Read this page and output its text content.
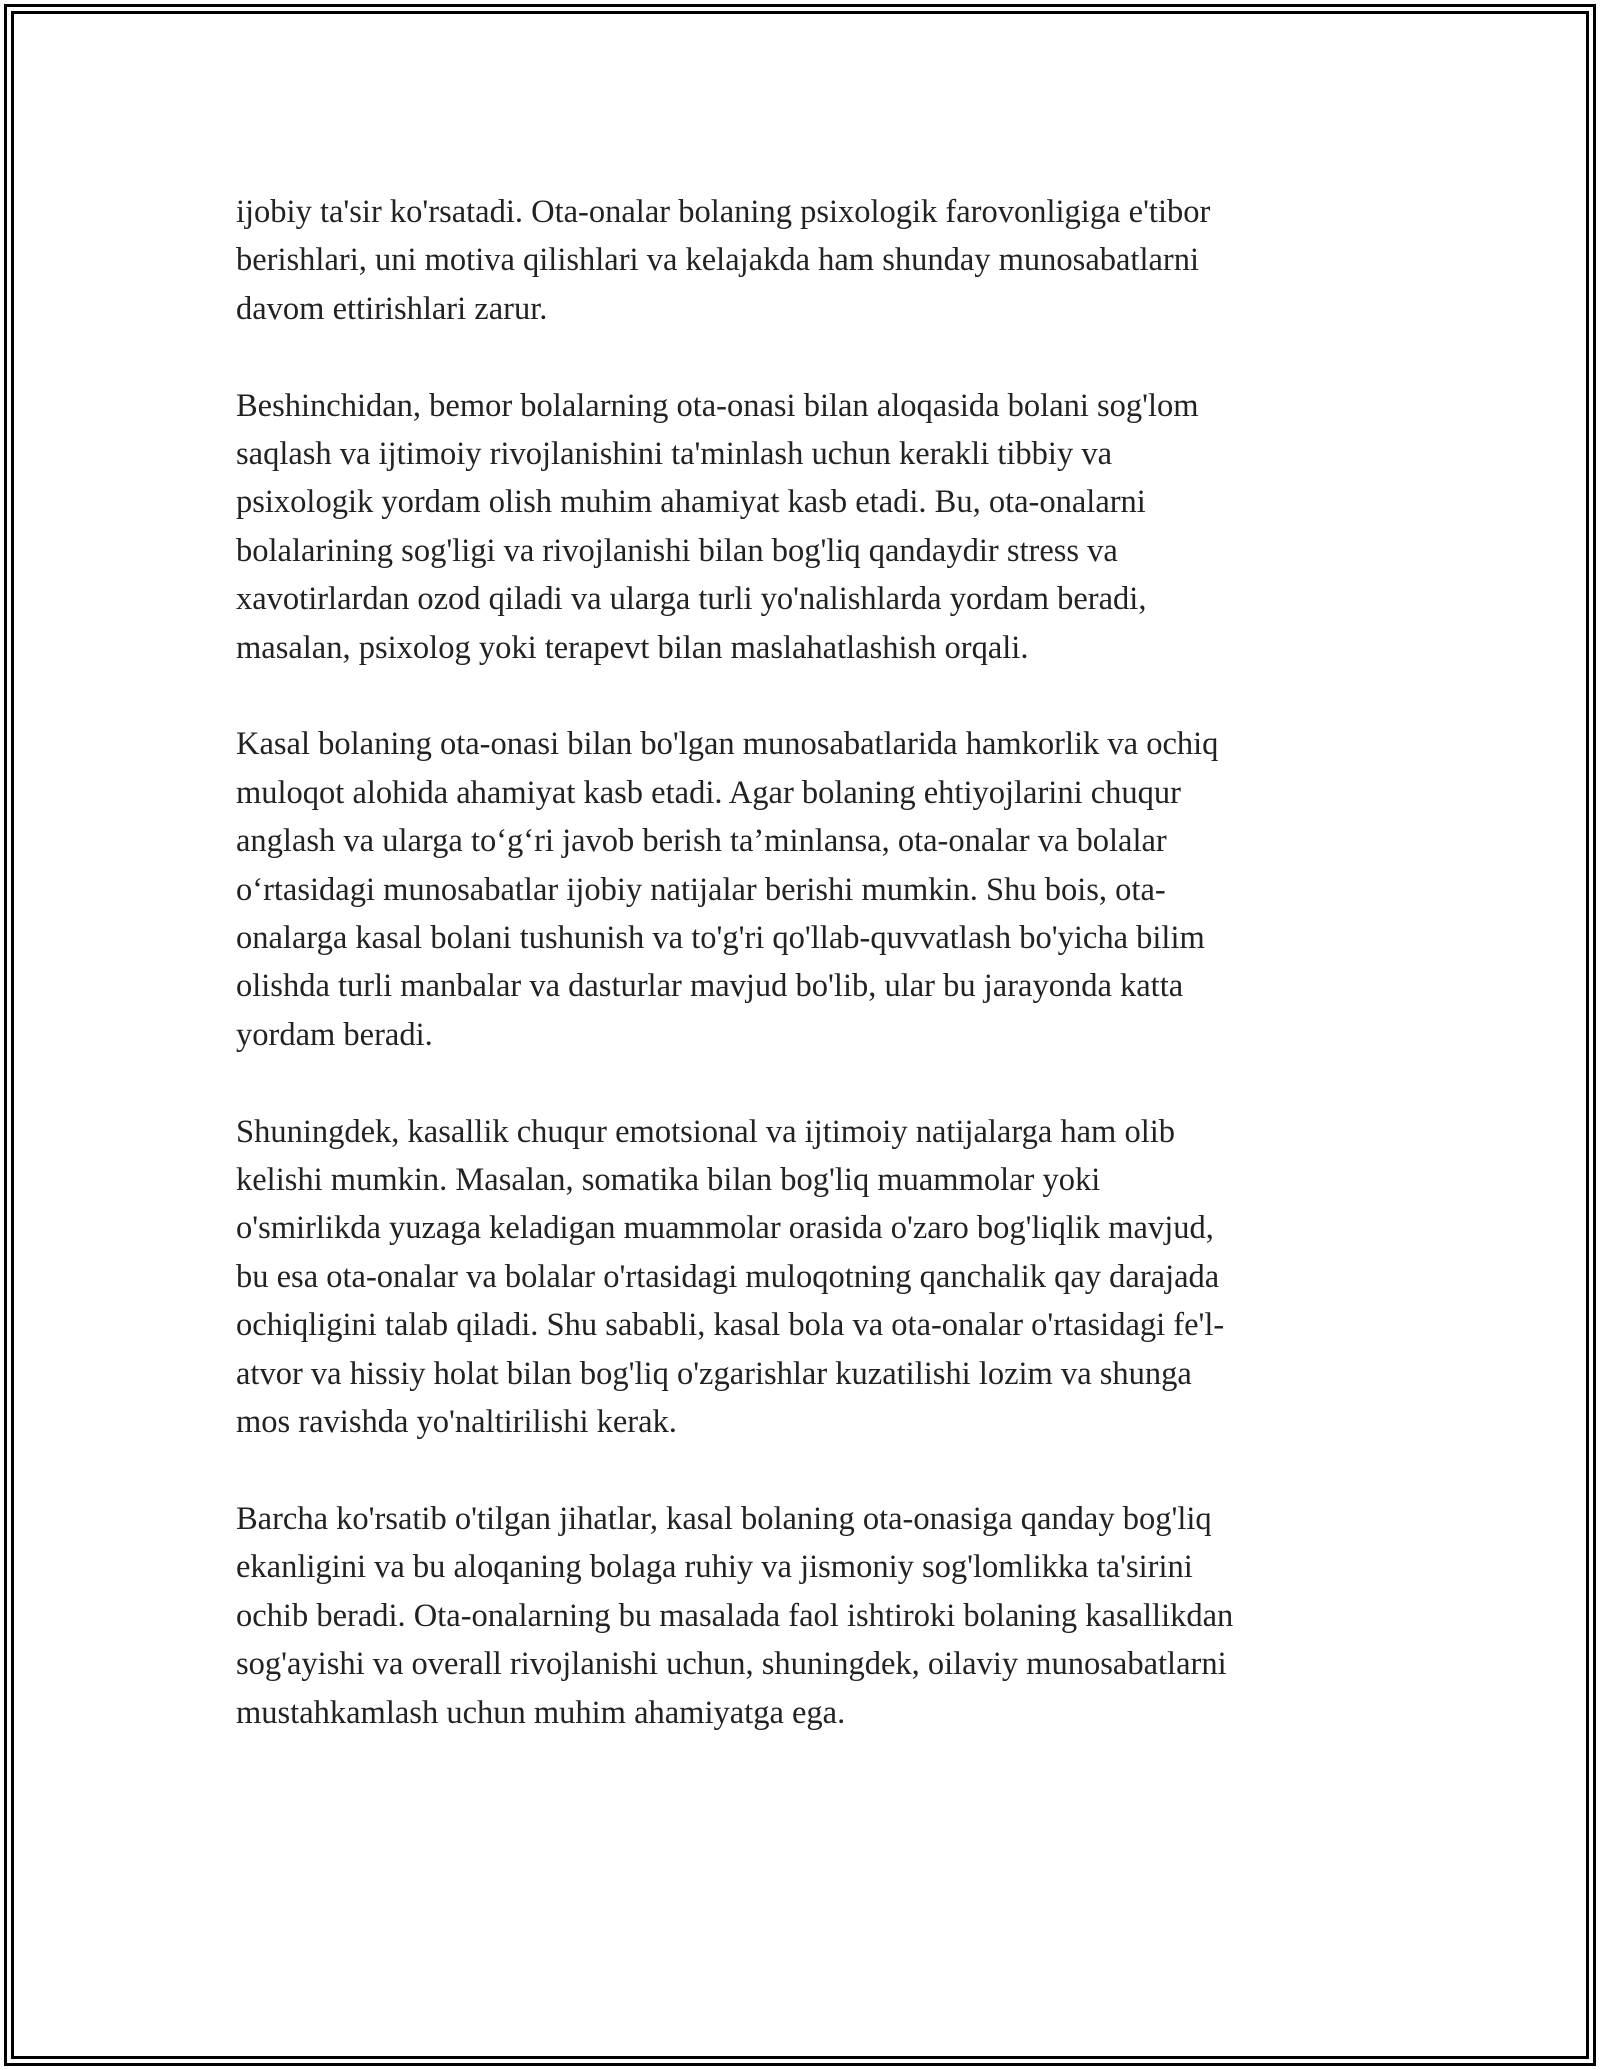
ijobiy ta'sir ko'rsatadi. Ota-onalar bolaning psixologik farovonligiga e'tibor
berishlari, uni motiva qilishlari va kelajakda ham shunday munosabatlarni
davom ettirishlari zarur.

Beshinchidan, bemor bolalarning ota-onasi bilan aloqasida bolani sog'lom
saqlash va ijtimoiy rivojlanishini ta'minlash uchun kerakli tibbiy va
psixologik yordam olish muhim ahamiyat kasb etadi. Bu, ota-onalarni
bolalarining sog'ligi va rivojlanishi bilan bog'liq qandaydir stress va
xavotirlardan ozod qiladi va ularga turli yo'nalishlarda yordam beradi,
masalan, psixolog yoki terapevt bilan maslahatlashish orqali.

Kasal bolaning ota-onasi bilan bo'lgan munosabatlarida hamkorlik va ochiq
muloqot alohida ahamiyat kasb etadi. Agar bolaning ehtiyojlarini chuqur
anglash va ularga to‘g‘ri javob berish ta’minlansa, ota-onalar va bolalar
o‘rtasidagi munosabatlar ijobiy natijalar berishi mumkin. Shu bois, ota-
onalarga kasal bolani tushunish va to'g'ri qo'llab-quvvatlash bo'yicha bilim
olishda turli manbalar va dasturlar mavjud bo'lib, ular bu jarayonda katta
yordam beradi.

Shuningdek, kasallik chuqur emotsional va ijtimoiy natijalarga ham olib
kelishi mumkin. Masalan, somatika bilan bog'liq muammolar yoki
o'smirlikda yuzaga keladigan muammolar orasida o'zaro bog'liqlik mavjud,
bu esa ota-onalar va bolalar o'rtasidagi muloqotning qanchalik qay darajada
ochiqligini talab qiladi. Shu sababli, kasal bola va ota-onalar o'rtasidagi fe'l-
atvor va hissiy holat bilan bog'liq o'zgarishlar kuzatilishi lozim va shunga
mos ravishda yo'naltirilishi kerak.

Barcha ko'rsatib o'tilgan jihatlar, kasal bolaning ota-onasiga qanday bog'liq
ekanligini va bu aloqaning bolaga ruhiy va jismoniy sog'lomlikka ta'sirini
ochib beradi. Ota-onalarning bu masalada faol ishtiroki bolaning kasallikdan
sog'ayishi va overall rivojlanishi uchun, shuningdek, oilaviy munosabatlarni
mustahkamlash uchun muhim ahamiyatga ega.
